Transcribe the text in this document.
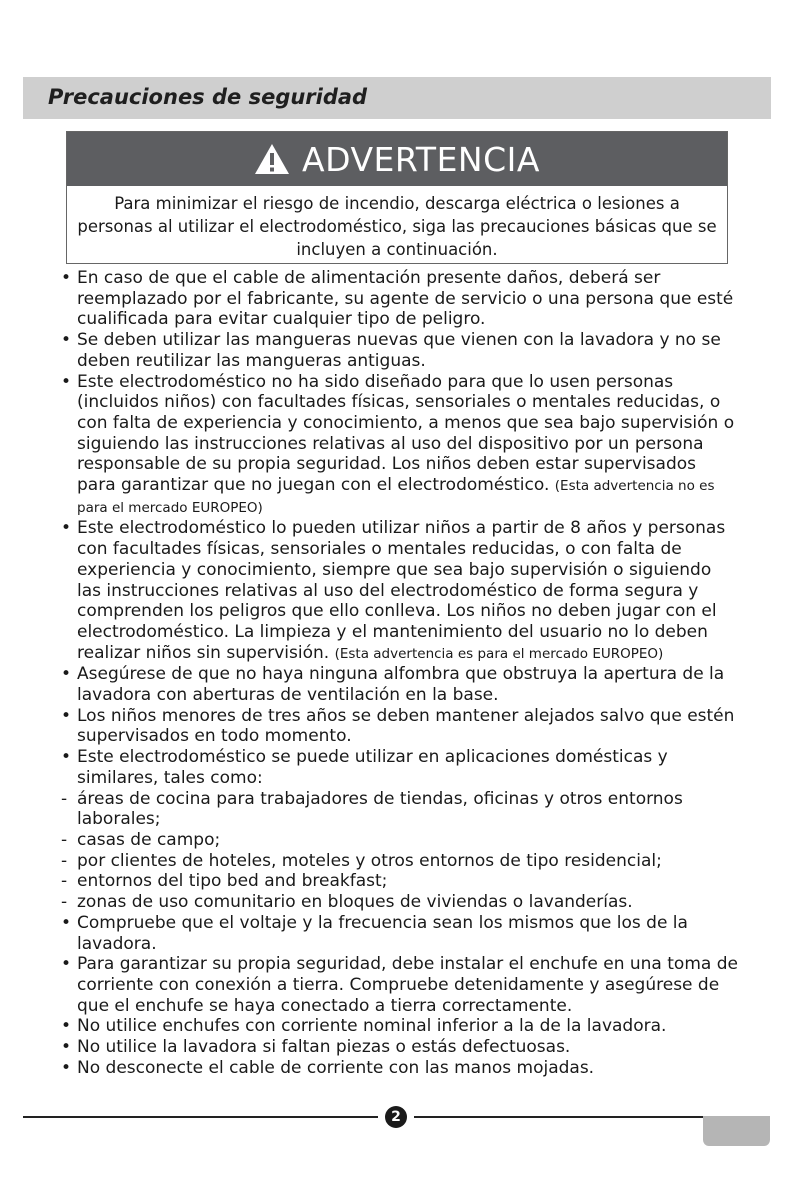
Precauciones de seguridad
ADVERTENCIA
Para minimizar el riesgo de incendio, descarga eléctrica o lesiones a personas al utilizar el electrodoméstico, siga las precauciones básicas que se incluyen a continuación.
• En caso de que el cable de alimentación presente daños, deberá ser reemplazado por el fabricante, su agente de servicio o una persona que esté cualificada para evitar cualquier tipo de peligro.
• Se deben utilizar las mangueras nuevas que vienen con la lavadora y no se deben reutilizar las mangueras antiguas.
• Este electrodoméstico no ha sido diseñado para que lo usen personas (incluidos niños) con facultades físicas, sensoriales o mentales reducidas, o con falta de experiencia y conocimiento, a menos que sea bajo supervisión o siguiendo las instrucciones relativas al uso del dispositivo por un persona responsable de su propia seguridad. Los niños deben estar supervisados para garantizar que no juegan con el electrodoméstico. (Esta advertencia no es para el mercado EUROPEO)
• Este electrodoméstico lo pueden utilizar niños a partir de 8 años y personas con facultades físicas, sensoriales o mentales reducidas, o con falta de experiencia y conocimiento, siempre que sea bajo supervisión o siguiendo las instrucciones relativas al uso del electrodoméstico de forma segura y comprenden los peligros que ello conlleva. Los niños no deben jugar con el electrodoméstico. La limpieza y el mantenimiento del usuario no lo deben realizar niños sin supervisión. (Esta advertencia es para el mercado EUROPEO)
• Asegúrese de que no haya ninguna alfombra que obstruya la apertura de la lavadora con aberturas de ventilación en la base.
• Los niños menores de tres años se deben mantener alejados salvo que estén supervisados en todo momento.
• Este electrodoméstico se puede utilizar en aplicaciones domésticas y similares, tales como:
- áreas de cocina para trabajadores de tiendas, oficinas y otros entornos laborales;
- casas de campo;
- por clientes de hoteles, moteles y otros entornos de tipo residencial;
- entornos del tipo bed and breakfast;
- zonas de uso comunitario en bloques de viviendas o lavanderías.
• Compruebe que el voltaje y la frecuencia sean los mismos que los de la lavadora.
• Para garantizar su propia seguridad, debe instalar el enchufe en una toma de corriente con conexión a tierra. Compruebe detenidamente y asegúrese de que el enchufe se haya conectado a tierra correctamente.
• No utilice enchufes con corriente nominal inferior a la de la lavadora.
• No utilice la lavadora si faltan piezas o estás defectuosas.
• No desconecte el cable de corriente con las manos mojadas.
2
